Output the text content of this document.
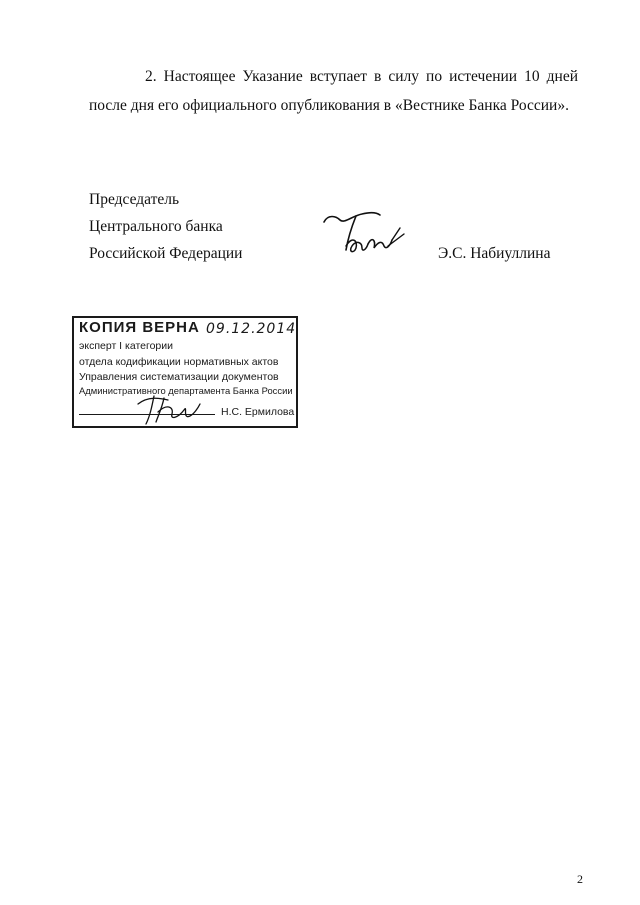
2. Настоящее Указание вступает в силу по истечении 10 дней
после дня его официального опубликования в «Вестнике Банка России».
Председатель
Центрального банка
Российской Федерации	Э.С. Набиуллина
КОПИЯ ВЕРНА 09.12.2014
эксперт I категории
отдела кодификации нормативных актов
Управления систематизации документов
Административного департамента Банка России
Н.С. Ермилова
2
